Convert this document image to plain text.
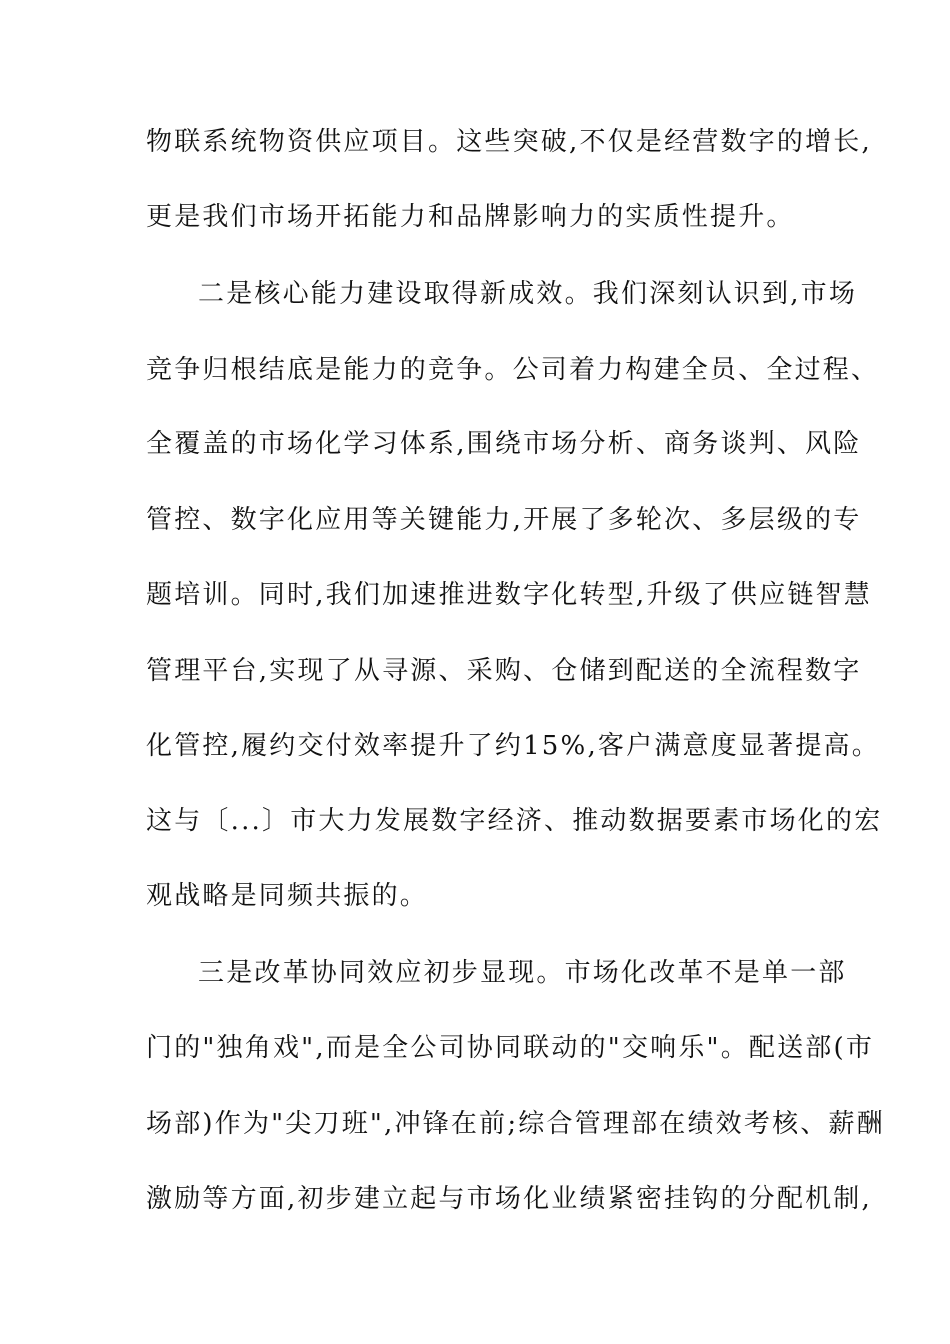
物联系统物资供应项目。这些突破,不仅是经营数字的增长,
更是我们市场开拓能力和品牌影响力的实质性提升。
二是核心能力建设取得新成效。我们深刻认识到,市场
竞争归根结底是能力的竞争。公司着力构建全员、全过程、
全覆盖的市场化学习体系,围绕市场分析、商务谈判、风险
管控、数字化应用等关键能力,开展了多轮次、多层级的专
题培训。同时,我们加速推进数字化转型,升级了供应链智慧
管理平台,实现了从寻源、采购、仓储到配送的全流程数字
化管控,履约交付效率提升了约15%,客户满意度显著提高。
这与〔...〕市大力发展数字经济、推动数据要素市场化的宏
观战略是同频共振的。
三是改革协同效应初步显现。市场化改革不是单一部
门的"独角戏",而是全公司协同联动的"交响乐"。配送部(市
场部)作为"尖刀班",冲锋在前;综合管理部在绩效考核、薪酬
激励等方面,初步建立起与市场化业绩紧密挂钩的分配机制,
